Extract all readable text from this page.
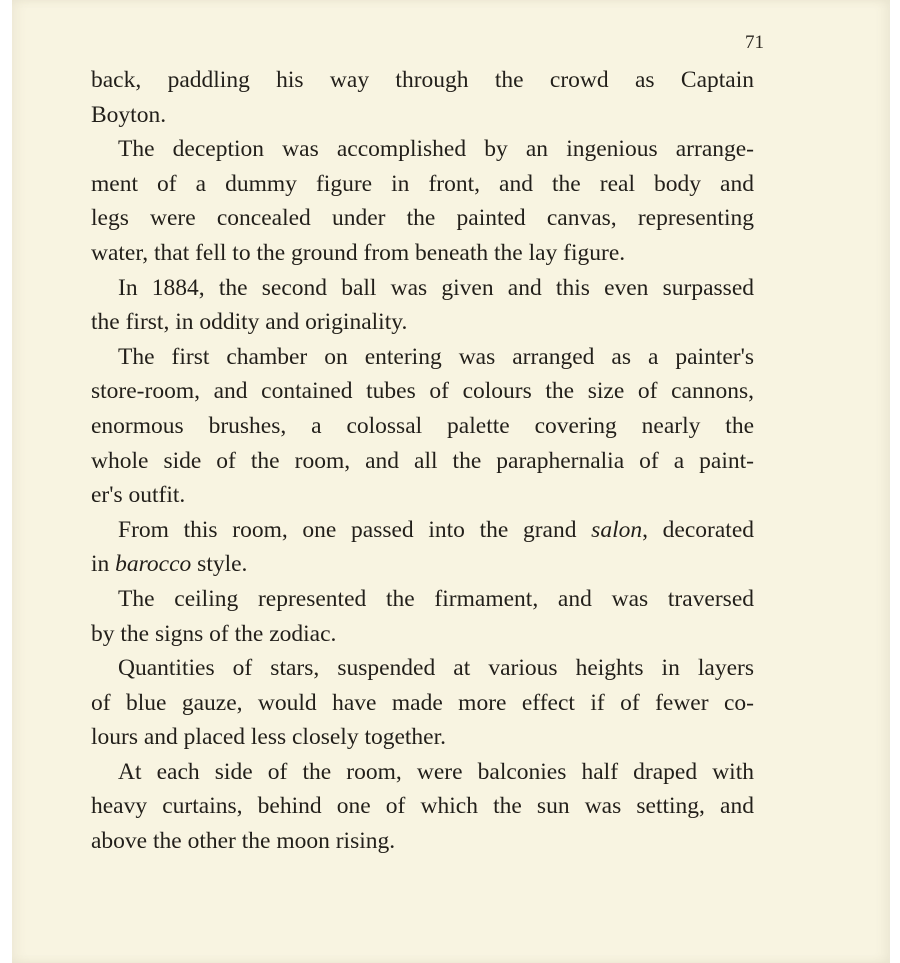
71

back, paddling his way through the crowd as Captain
Boyton.
The deception was accomplished by an ingenious arrange-
ment of a dummy figure in front, and the real body and
legs were concealed under the painted canvas, representing
water, that fell to the ground from beneath the lay figure.
In 1884, the second ball was given and this even surpassed
the first, in oddity and originality.
The first chamber on entering was arranged as a painter's
store-room, and contained tubes of colours the size of cannons,
enormous brushes, a colossal palette covering nearly the
whole side of the room, and all the paraphernalia of a paint-
er's outfit.
From this room, one passed into the grand salon, decorated
in barocco style.
The ceiling represented the firmament, and was traversed
by the signs of the zodiac.
Quantities of stars, suspended at various heights in layers
of blue gauze, would have made more effect if of fewer co-
lours and placed less closely together.
At each side of the room, were balconies half draped with
heavy curtains, behind one of which the sun was setting, and
above the other the moon rising.
